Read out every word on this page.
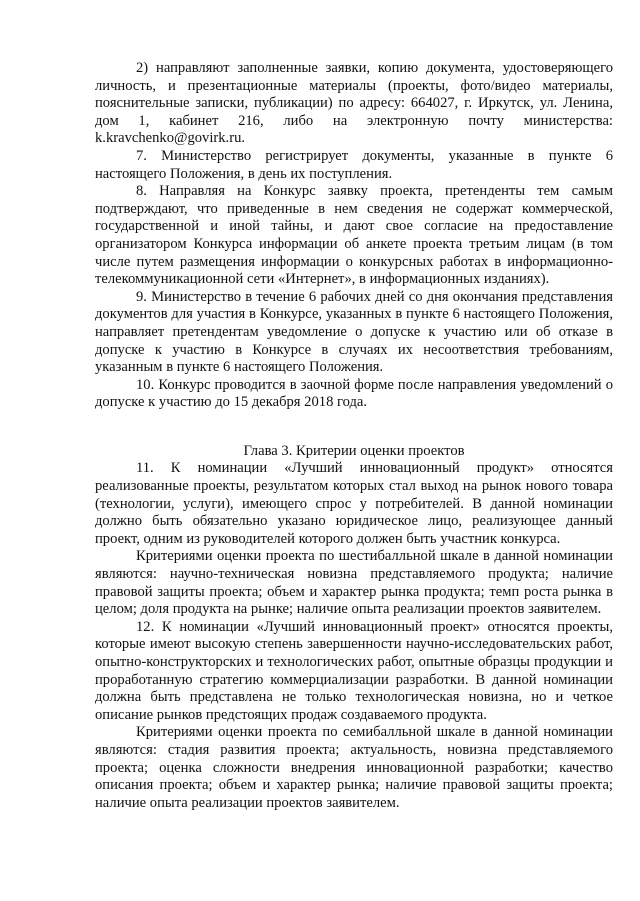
2) направляют заполненные заявки, копию документа, удостоверяющего личность, и презентационные материалы (проекты, фото/видео материалы, пояснительные записки, публикации) по адресу: 664027, г. Иркутск, ул. Ленина, дом 1, кабинет 216, либо на электронную почту министерства: k.kravchenko@govirk.ru.

7. Министерство регистрирует документы, указанные в пункте 6 настоящего Положения, в день их поступления.

8. Направляя на Конкурс заявку проекта, претенденты тем самым подтверждают, что приведенные в нем сведения не содержат коммерческой, государственной и иной тайны, и дают свое согласие на предоставление организатором Конкурса информации об анкете проекта третьим лицам (в том числе путем размещения информации о конкурсных работах в информационно-телекоммуникационной сети «Интернет», в информационных изданиях).

9. Министерство в течение 6 рабочих дней со дня окончания представления документов для участия в Конкурсе, указанных в пункте 6 настоящего Положения, направляет претендентам уведомление о допуске к участию или об отказе в допуске к участию в Конкурсе в случаях их несоответствия требованиям, указанным в пункте 6 настоящего Положения.

10. Конкурс проводится в заочной форме после направления уведомлений о допуске к участию до 15 декабря 2018 года.

Глава 3. Критерии оценки проектов

11. К номинации «Лучший инновационный продукт» относятся реализованные проекты, результатом которых стал выход на рынок нового товара (технологии, услуги), имеющего спрос у потребителей. В данной номинации должно быть обязательно указано юридическое лицо, реализующее данный проект, одним из руководителей которого должен быть участник конкурса.

Критериями оценки проекта по шестибалльной шкале в данной номинации являются: научно-техническая новизна представляемого продукта; наличие правовой защиты проекта; объем и характер рынка продукта; темп роста рынка в целом; доля продукта на рынке; наличие опыта реализации проектов заявителем.

12. К номинации «Лучший инновационный проект» относятся проекты, которые имеют высокую степень завершенности научно-исследовательских работ, опытно-конструкторских и технологических работ, опытные образцы продукции и проработанную стратегию коммерциализации разработки. В данной номинации должна быть представлена не только технологическая новизна, но и четкое описание рынков предстоящих продаж создаваемого продукта.

Критериями оценки проекта по семибалльной шкале в данной номинации являются: стадия развития проекта; актуальность, новизна представляемого проекта; оценка сложности внедрения инновационной разработки; качество описания проекта; объем и характер рынка; наличие правовой защиты проекта; наличие опыта реализации проектов заявителем.
